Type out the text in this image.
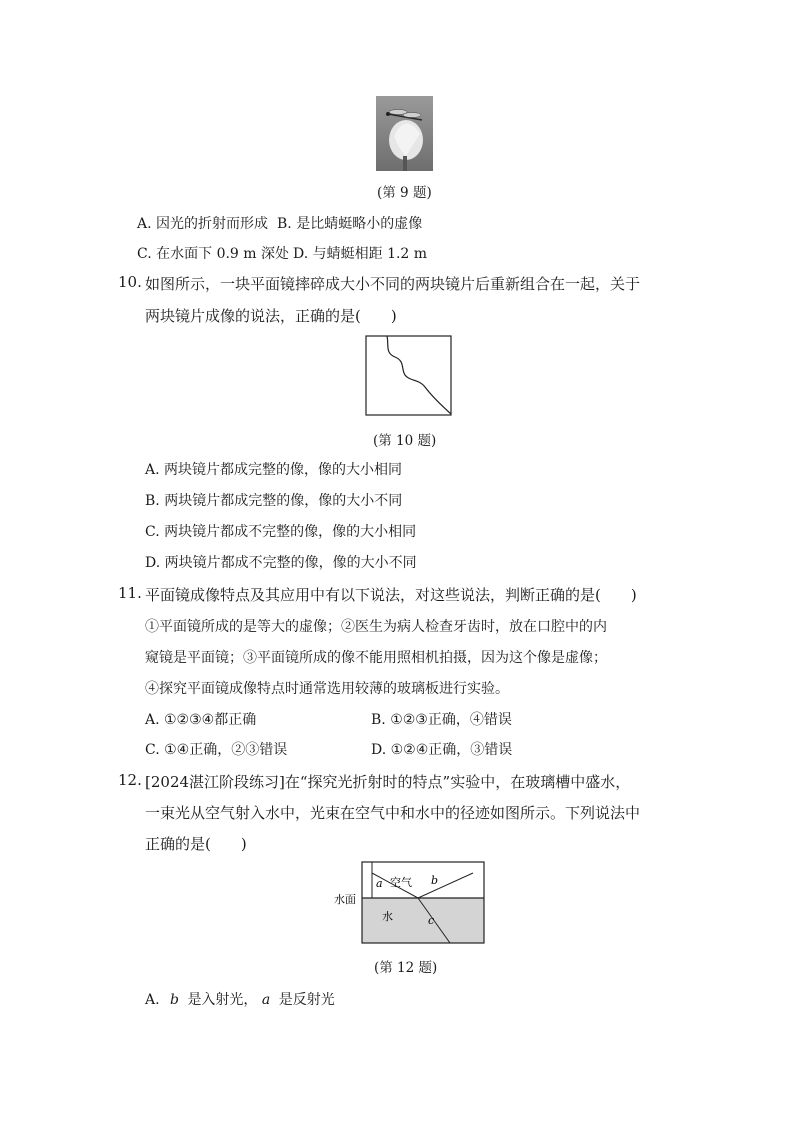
(第 9 题)
A. 因光的折射而形成 B. 是比蜻蜓略小的虚像
C. 在水面下 0.9 m 深处 D. 与蜻蜓相距 1.2 m
10. 如图所示，一块平面镜摔碎成大小不同的两块镜片后重新组合在一起，关于
两块镜片成像的说法，正确的是(　　)
(第 10 题)
A. 两块镜片都成完整的像，像的大小相同
B. 两块镜片都成完整的像，像的大小不同
C. 两块镜片都成不完整的像，像的大小相同
D. 两块镜片都成不完整的像，像的大小不同
11. 平面镜成像特点及其应用中有以下说法，对这些说法，判断正确的是(　　)
①平面镜所成的是等大的虚像；②医生为病人检查牙齿时，放在口腔中的内
窥镜是平面镜；③平面镜所成的像不能用照相机拍摄，因为这个像是虚像；
④探究平面镜成像特点时通常选用较薄的玻璃板进行实验。
A. ①②③④都正确	B. ①②③正确，④错误
C. ①④正确，②③错误	D. ①②④正确，③错误
12. [2024湛江阶段练习]在“探究光折射时的特点”实验中，在玻璃槽中盛水，
一束光从空气射入水中，光束在空气中和水中的径迹如图所示。下列说法中
正确的是(　　)
水面
空气
水
a	b
c
(第 12 题)
A. b 是入射光， a 是反射光
